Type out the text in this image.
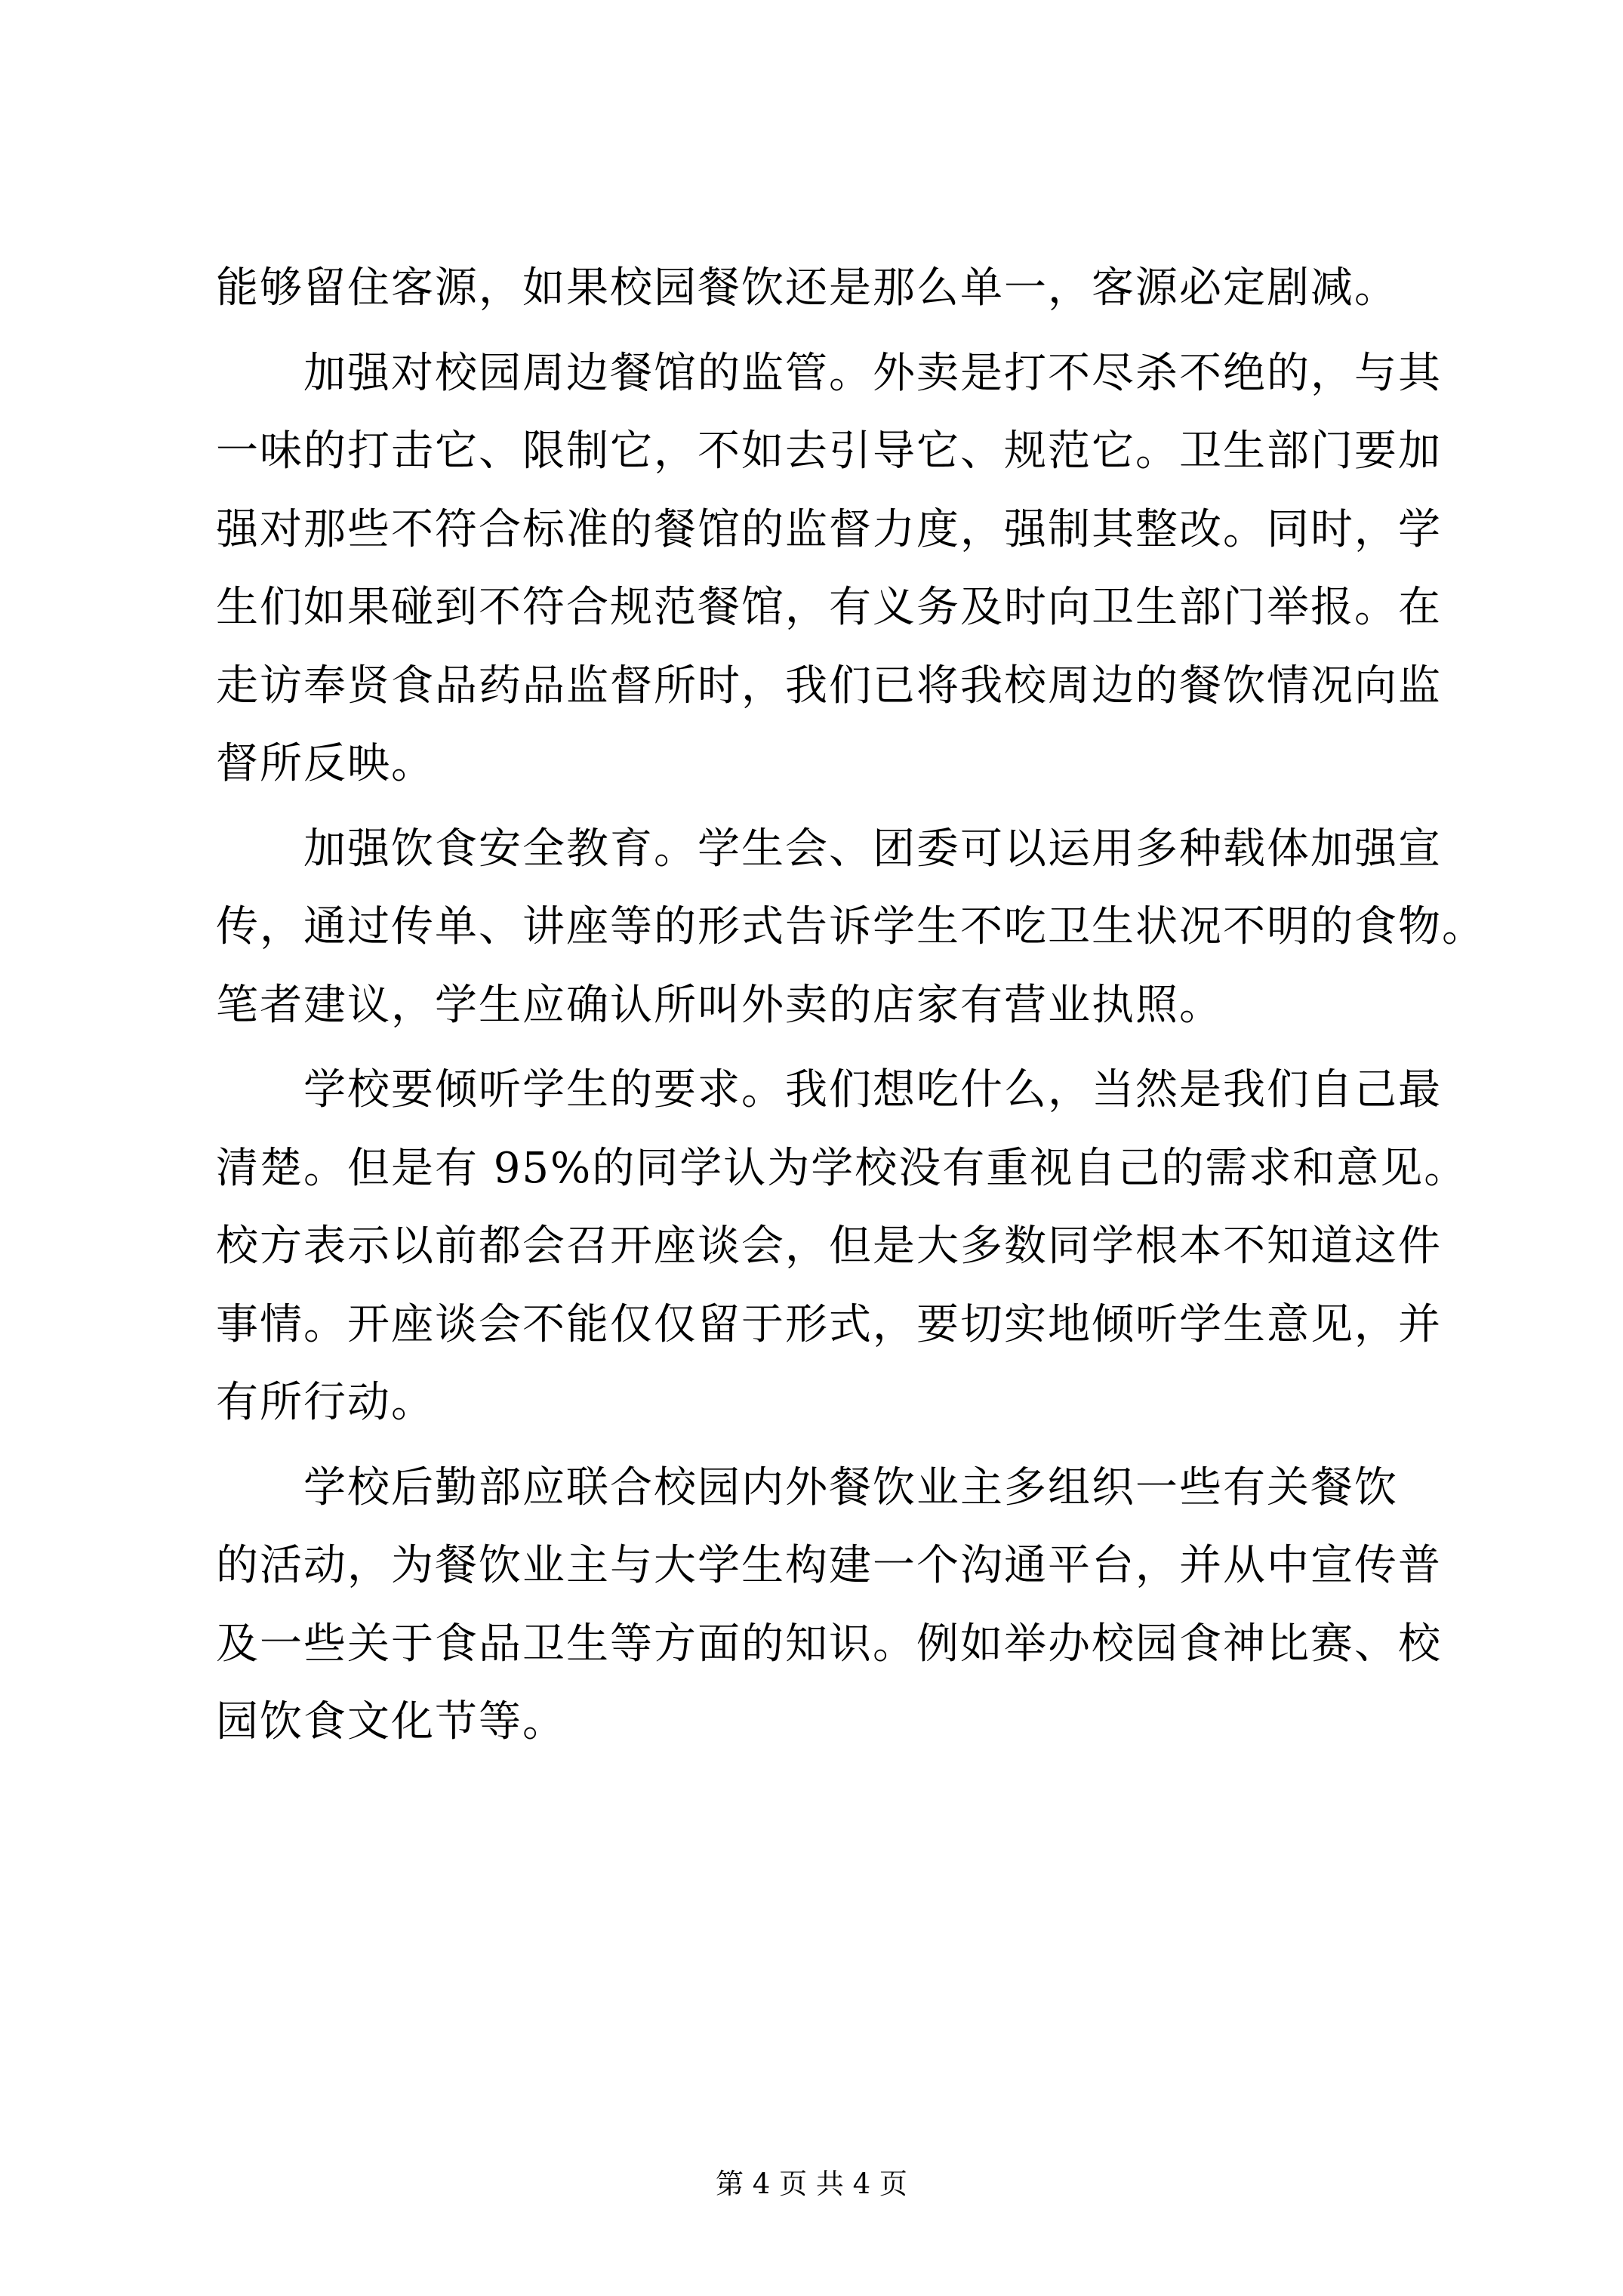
能够留住客源，如果校园餐饮还是那么单一，客源必定剧减。
　　加强对校园周边餐馆的监管。外卖是打不尽杀不绝的，与其
一味的打击它、限制它，不如去引导它、规范它。卫生部门要加
强对那些不符合标准的餐馆的监督力度，强制其整改。同时，学
生们如果碰到不符合规范餐馆，有义务及时向卫生部门举报。在
走访奉贤食品药品监督所时，我们已将我校周边的餐饮情况向监
督所反映。
　　加强饮食安全教育。学生会、团委可以运用多种载体加强宣
传，通过传单、讲座等的形式告诉学生不吃卫生状况不明的食物。
笔者建议，学生应确认所叫外卖的店家有营业执照。
　　学校要倾听学生的要求。我们想吃什么，当然是我们自己最
清楚。但是有 95%的同学认为学校没有重视自己的需求和意见。
校方表示以前都会召开座谈会，但是大多数同学根本不知道这件
事情。开座谈会不能仅仅留于形式，要切实地倾听学生意见，并
有所行动。
　　学校后勤部应联合校园内外餐饮业主多组织一些有关餐饮
的活动，为餐饮业主与大学生构建一个沟通平台，并从中宣传普
及一些关于食品卫生等方面的知识。例如举办校园食神比赛、校
园饮食文化节等。
第 4 页 共 4 页
